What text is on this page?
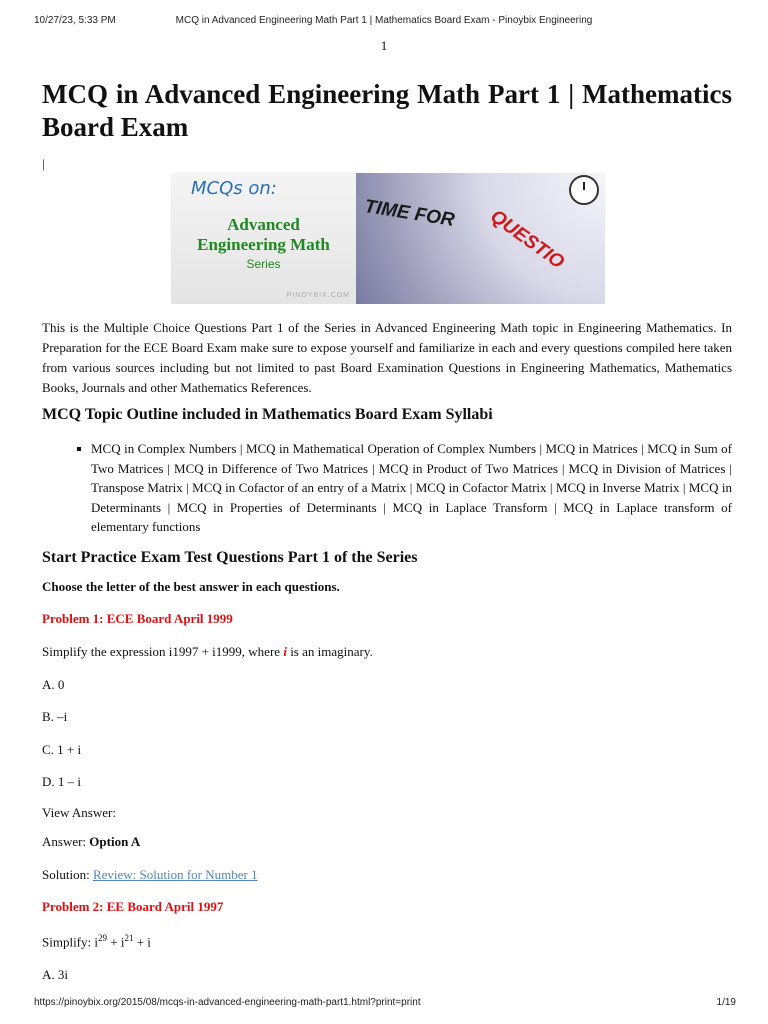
10/27/23, 5:33 PM	MCQ in Advanced Engineering Math Part 1 | Mathematics Board Exam - Pinoybix Engineering
1
MCQ in Advanced Engineering Math Part 1 | Mathematics Board Exam
|
MCQs on:
Advanced
Engineering Math
Series
PINOYBIX.COM
TIME FOR QUESTIO

This is the Multiple Choice Questions Part 1 of the Series in Advanced Engineering Math topic in Engineering Mathematics. In Preparation for the ECE Board Exam make sure to expose yourself and familiarize in each and every questions compiled here taken from various sources including but not limited to past Board Examination Questions in Engineering Mathematics, Mathematics Books, Journals and other Mathematics References.

MCQ Topic Outline included in Mathematics Board Exam Syllabi
MCQ in Complex Numbers | MCQ in Mathematical Operation of Complex Numbers | MCQ in Matrices | MCQ in Sum of Two Matrices | MCQ in Difference of Two Matrices | MCQ in Product of Two Matrices | MCQ in Division of Matrices | Transpose Matrix | MCQ in Cofactor of an entry of a Matrix | MCQ in Cofactor Matrix | MCQ in Inverse Matrix | MCQ in Determinants | MCQ in Properties of Determinants | MCQ in Laplace Transform | MCQ in Laplace transform of elementary functions
Start Practice Exam Test Questions Part 1 of the Series
Choose the letter of the best answer in each questions.
Problem 1: ECE Board April 1999
Simplify the expression i1997 + i1999, where i is an imaginary.
A. 0
B. –i
C. 1 + i
D. 1 – i
View Answer:
Answer: Option A
Solution: Review: Solution for Number 1
Problem 2: EE Board April 1997
Simplify: $i^{29} + i^{21} + i$
A. 3i
https://pinoybix.org/2015/08/mcqs-in-advanced-engineering-math-part1.html?print=print	1/19
